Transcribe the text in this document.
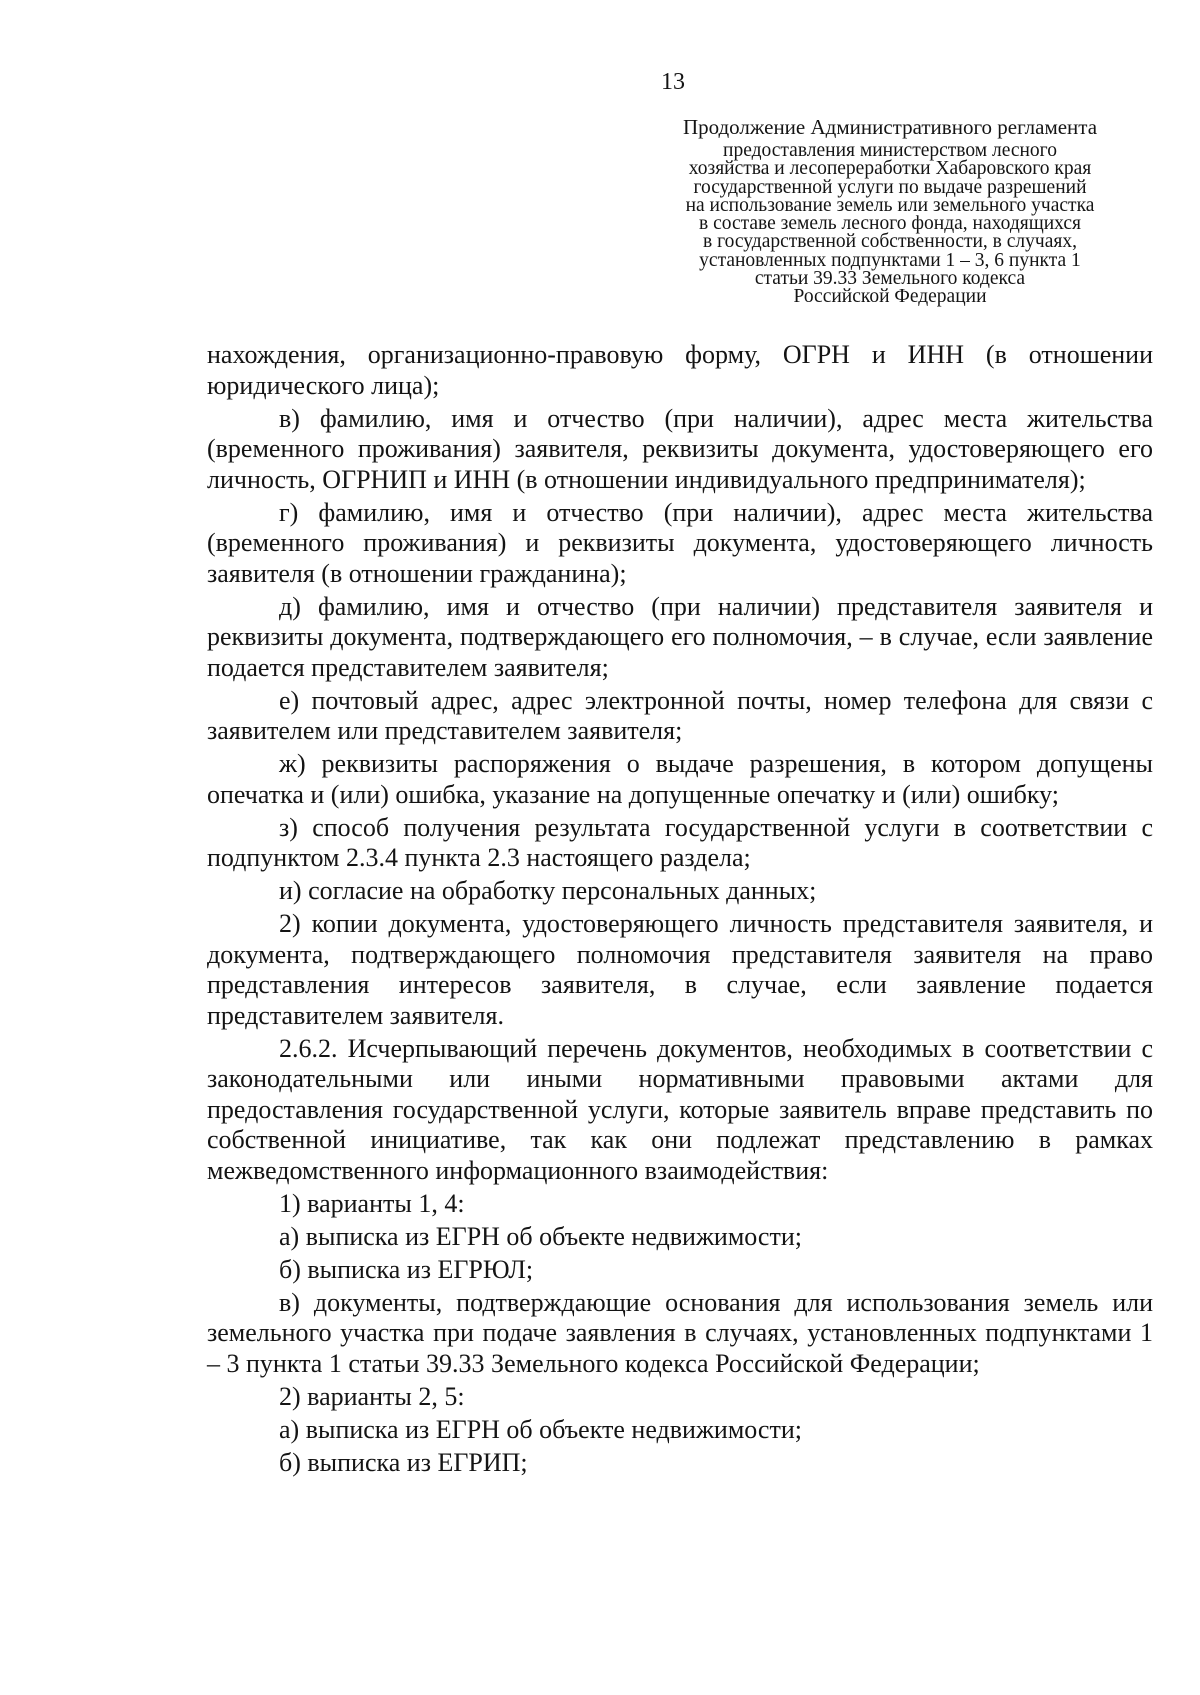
13
Продолжение Административного регламента
предоставления министерством лесного
хозяйства и лесопереработки Хабаровского края
государственной услуги по выдаче разрешений
на использование земель или земельного участка
в составе земель лесного фонда, находящихся
в государственной собственности, в случаях,
установленных подпунктами 1 – 3, 6 пункта 1
статьи 39.33 Земельного кодекса
Российской Федерации

нахождения, организационно-правовую форму, ОГРН и ИНН (в отношении юридического лица);

в) фамилию, имя и отчество (при наличии), адрес места жительства (временного проживания) заявителя, реквизиты документа, удостоверяющего его личность, ОГРНИП и ИНН (в отношении индивидуального предпринимателя);

г) фамилию, имя и отчество (при наличии), адрес места жительства (временного проживания) и реквизиты документа, удостоверяющего личность заявителя (в отношении гражданина);

д) фамилию, имя и отчество (при наличии) представителя заявителя и реквизиты документа, подтверждающего его полномочия, – в случае, если заявление подается представителем заявителя;

е) почтовый адрес, адрес электронной почты, номер телефона для связи с заявителем или представителем заявителя;

ж) реквизиты распоряжения о выдаче разрешения, в котором допущены опечатка и (или) ошибка, указание на допущенные опечатку и (или) ошибку;

з) способ получения результата государственной услуги в соответствии с подпунктом 2.3.4 пункта 2.3 настоящего раздела;

и) согласие на обработку персональных данных;

2) копии документа, удостоверяющего личность представителя заявителя, и документа, подтверждающего полномочия представителя заявителя на право представления интересов заявителя, в случае, если заявление подается представителем заявителя.

2.6.2. Исчерпывающий перечень документов, необходимых в соответствии с законодательными или иными нормативными правовыми актами для предоставления государственной услуги, которые заявитель вправе представить по собственной инициативе, так как они подлежат представлению в рамках межведомственного информационного взаимодействия:

1) варианты 1, 4:

а) выписка из ЕГРН об объекте недвижимости;

б) выписка из ЕГРЮЛ;

в) документы, подтверждающие основания для использования земель или земельного участка при подаче заявления в случаях, установленных подпунктами 1 – 3 пункта 1 статьи 39.33 Земельного кодекса Российской Федерации;

2) варианты 2, 5:

а) выписка из ЕГРН об объекте недвижимости;

б) выписка из ЕГРИП;
